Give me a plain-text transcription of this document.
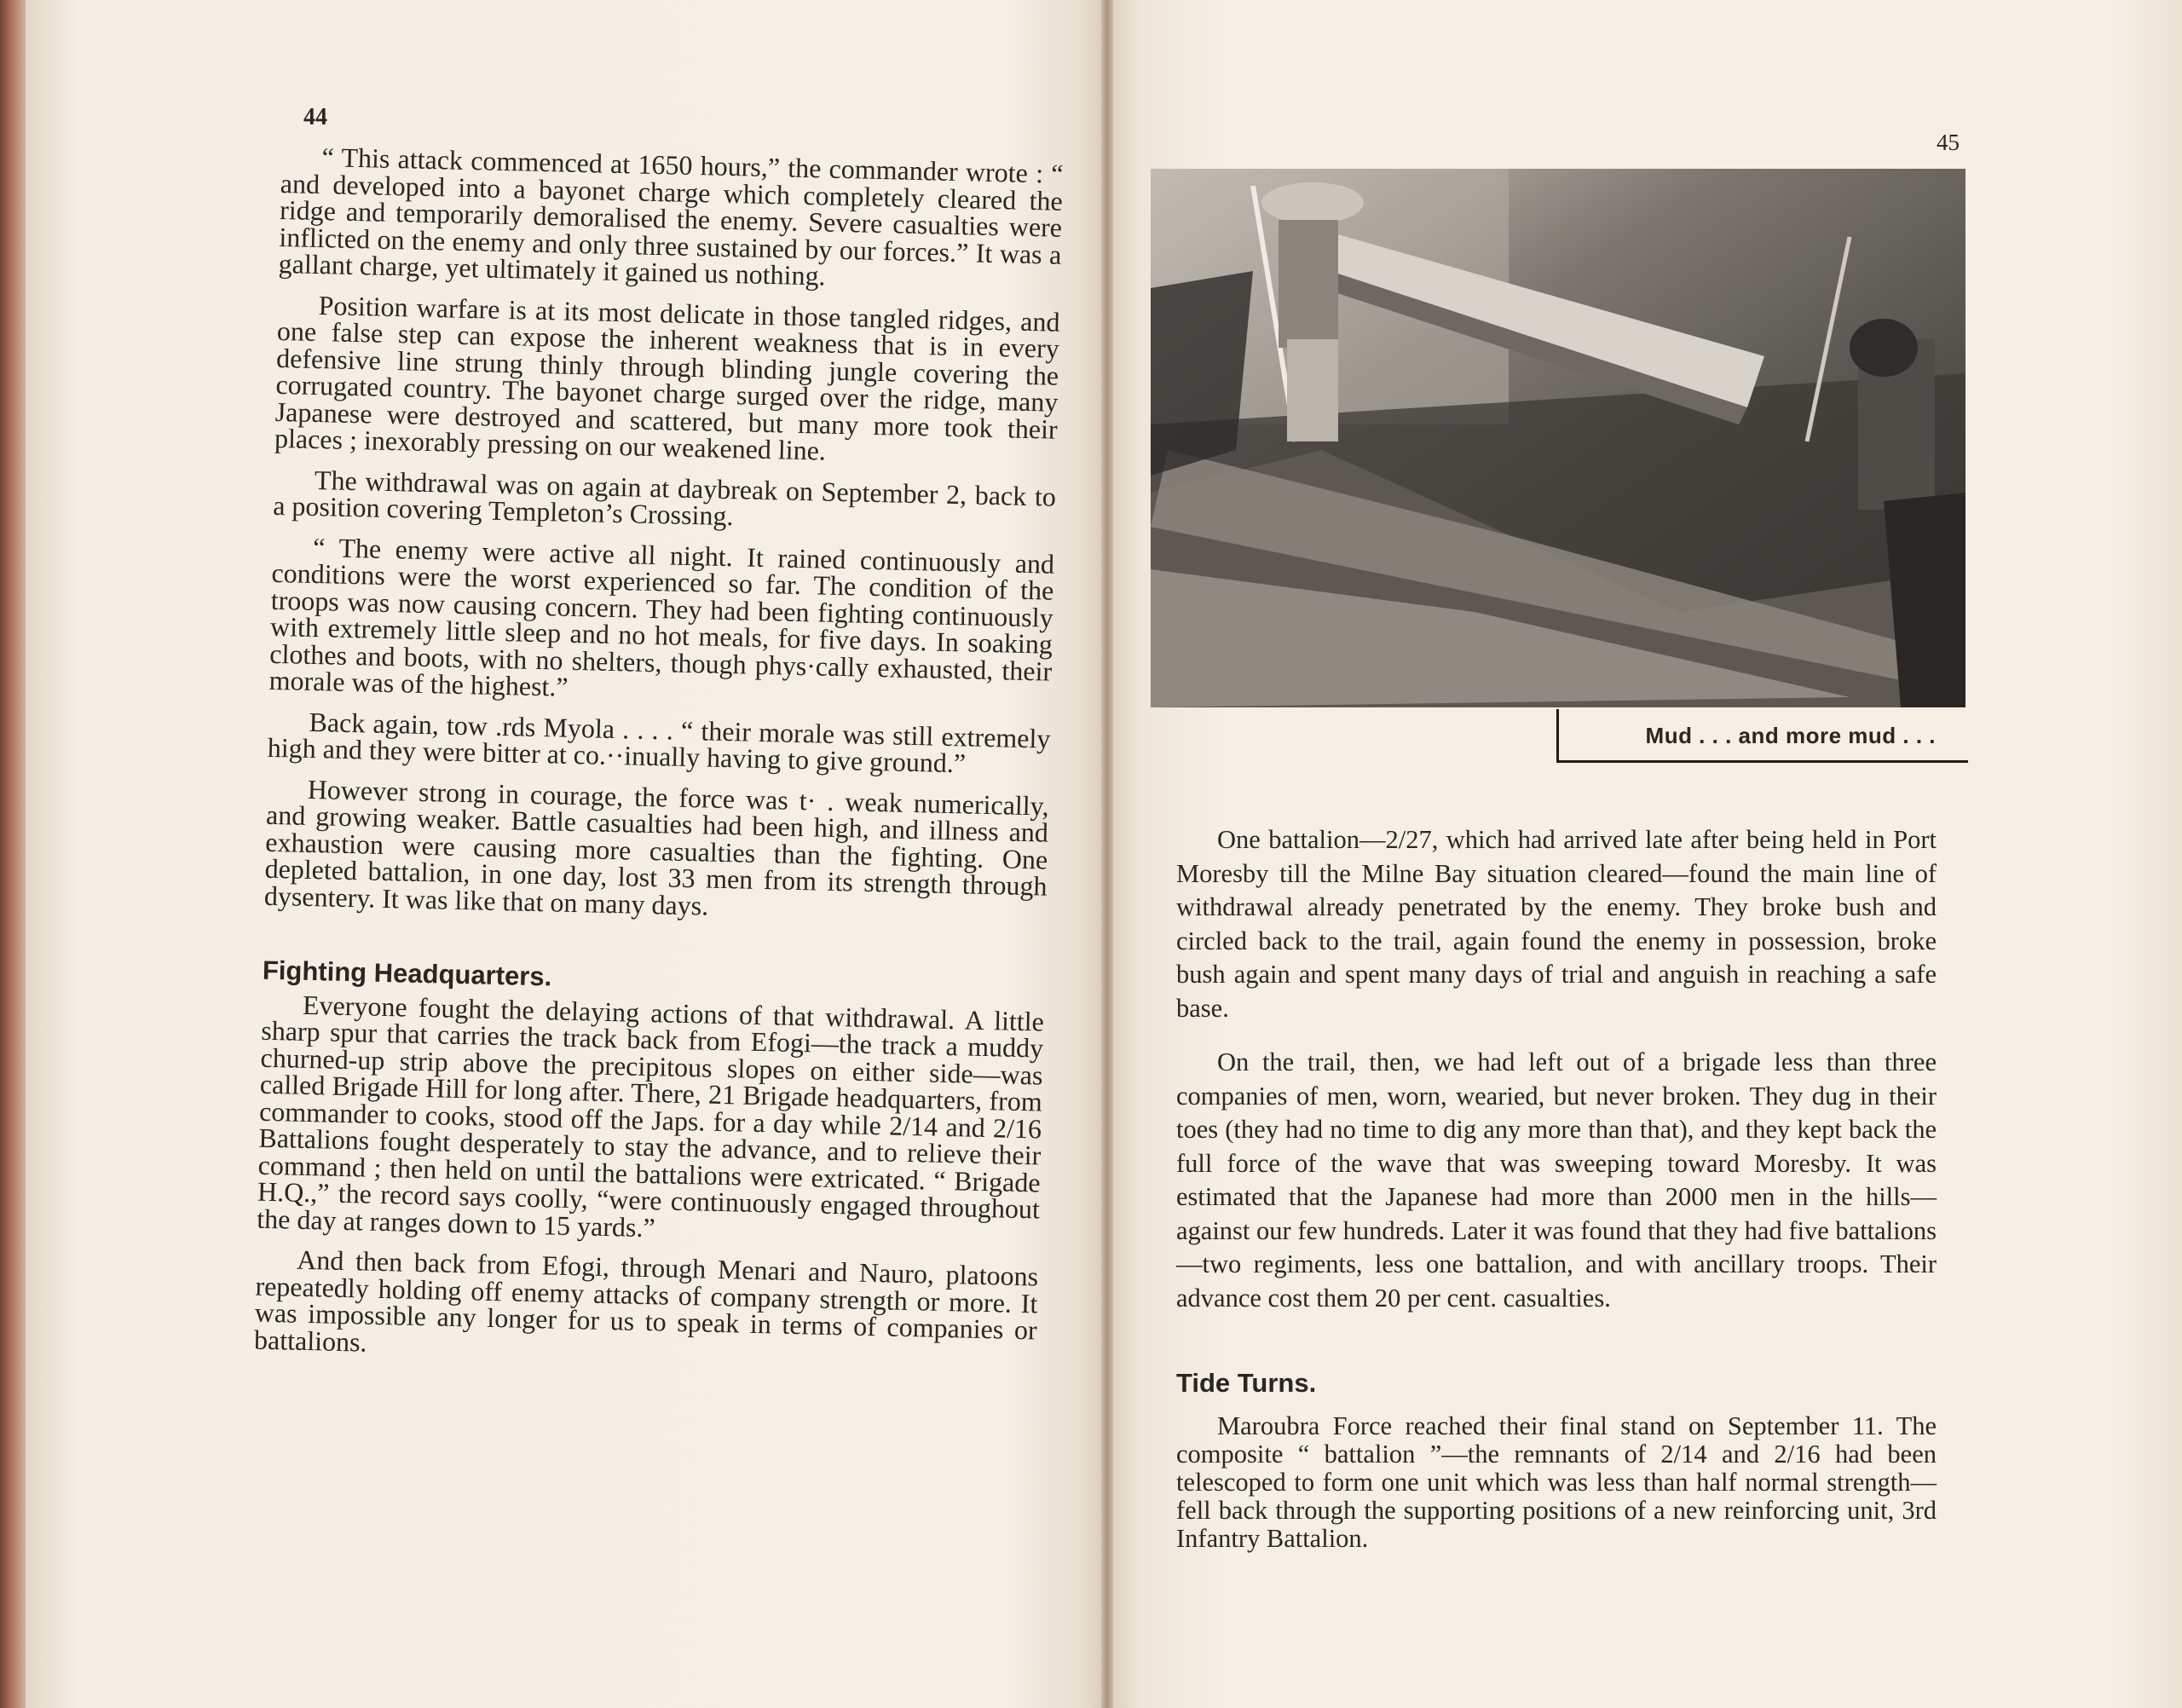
44

“ This attack commenced at 1650 hours,” the commander wrote : “ and developed into a bayonet charge which completely cleared the ridge and temporarily demoralised the enemy. Severe casualties were inflicted on the enemy and only three sustained by our forces.” It was a gallant charge, yet ultimately it gained us nothing.

Position warfare is at its most delicate in those tangled ridges, and one false step can expose the inherent weakness that is in every defensive line strung thinly through blinding jungle covering the corrugated country. The bayonet charge surged over the ridge, many Japanese were destroyed and scattered, but many more took their places ; inexorably pressing on our weakened line.

The withdrawal was on again at daybreak on September 2, back to a position covering Templeton’s Crossing.

“ The enemy were active all night. It rained continuously and conditions were the worst experienced so far. The condition of the troops was now causing concern. They had been fighting continuously with extremely little sleep and no hot meals, for five days. In soaking clothes and boots, with no shelters, though phys·cally exhausted, their morale was of the highest.”

Back again, tow .rds Myola . . . . “ their morale was still extremely high and they were bitter at co.··inually having to give ground.”

However strong in courage, the force was t· . weak numerically, and growing weaker. Battle casualties had been high, and illness and exhaustion were causing more casualties than the fighting. One depleted battalion, in one day, lost 33 men from its strength through dysentery. It was like that on many days.

Fighting Headquarters.

Everyone fought the delaying actions of that withdrawal. A little sharp spur that carries the track back from Efogi—the track a muddy churned-up strip above the precipitous slopes on either side—was called Brigade Hill for long after. There, 21 Brigade headquarters, from commander to cooks, stood off the Japs. for a day while 2/14 and 2/16 Battalions fought desperately to stay the advance, and to relieve their command ; then held on until the battalions were extricated. “ Brigade H.Q.,” the record says coolly, “were continuously engaged throughout the day at ranges down to 15 yards.”

And then back from Efogi, through Menari and Nauro, platoons repeatedly holding off enemy attacks of company strength or more. It was impossible any longer for us to speak in terms of companies or battalions.

45
Mud . . . and more mud . . .

One battalion—2/27, which had arrived late after being held in Port Moresby till the Milne Bay situation cleared—found the main line of withdrawal already penetrated by the enemy. They broke bush and circled back to the trail, again found the enemy in possession, broke bush again and spent many days of trial and anguish in reaching a safe base.

On the trail, then, we had left out of a brigade less than three companies of men, worn, wearied, but never broken. They dug in their toes (they had no time to dig any more than that), and they kept back the full force of the wave that was sweeping toward Moresby. It was estimated that the Japanese had more than 2000 men in the hills—against our few hundreds. Later it was found that they had five battalions—two regiments, less one battalion, and with ancillary troops. Their advance cost them 20 per cent. casualties.

Tide Turns.

Maroubra Force reached their final stand on September 11. The composite “ battalion ”—the remnants of 2/14 and 2/16 had been telescoped to form one unit which was less than half normal strength—fell back through the supporting positions of a new reinforcing unit, 3rd Infantry Battalion.
